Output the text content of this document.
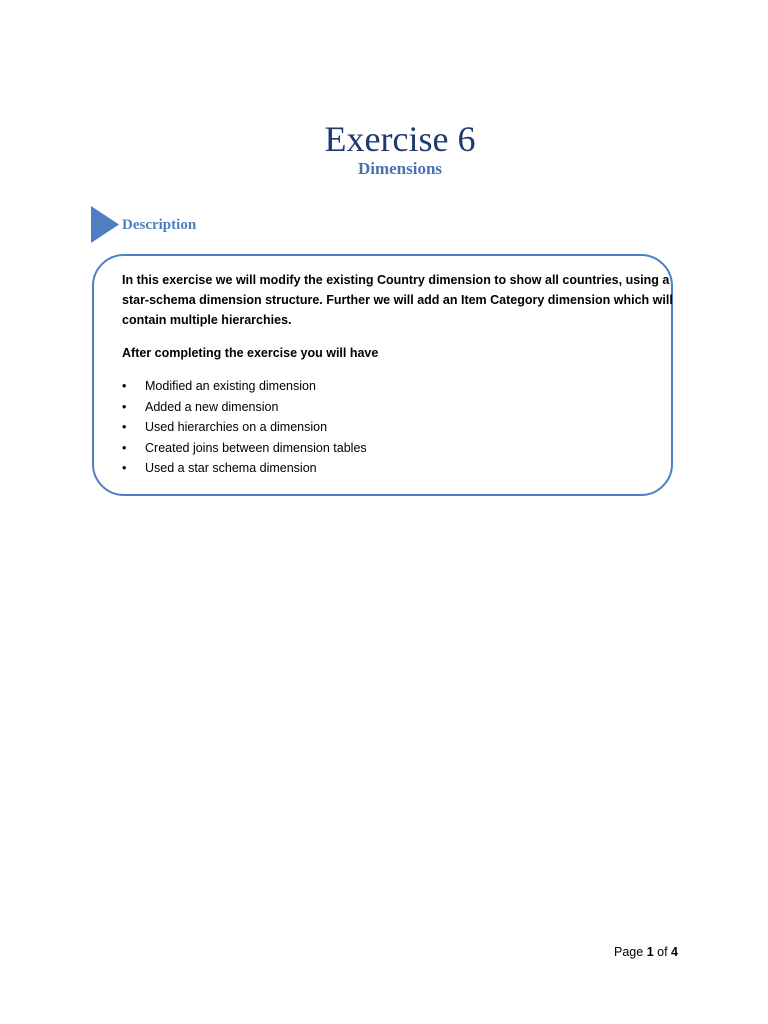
Exercise 6
Dimensions
Description

In this exercise we will modify the existing Country dimension to show all countries, using a star-schema dimension structure. Further we will add an Item Category dimension which will contain multiple hierarchies.

After completing the exercise you will have

•	Modified an existing dimension
•	Added a new dimension
•	Used hierarchies on a dimension
•	Created joins between dimension tables
•	Used a star schema dimension
Page 1 of 4
